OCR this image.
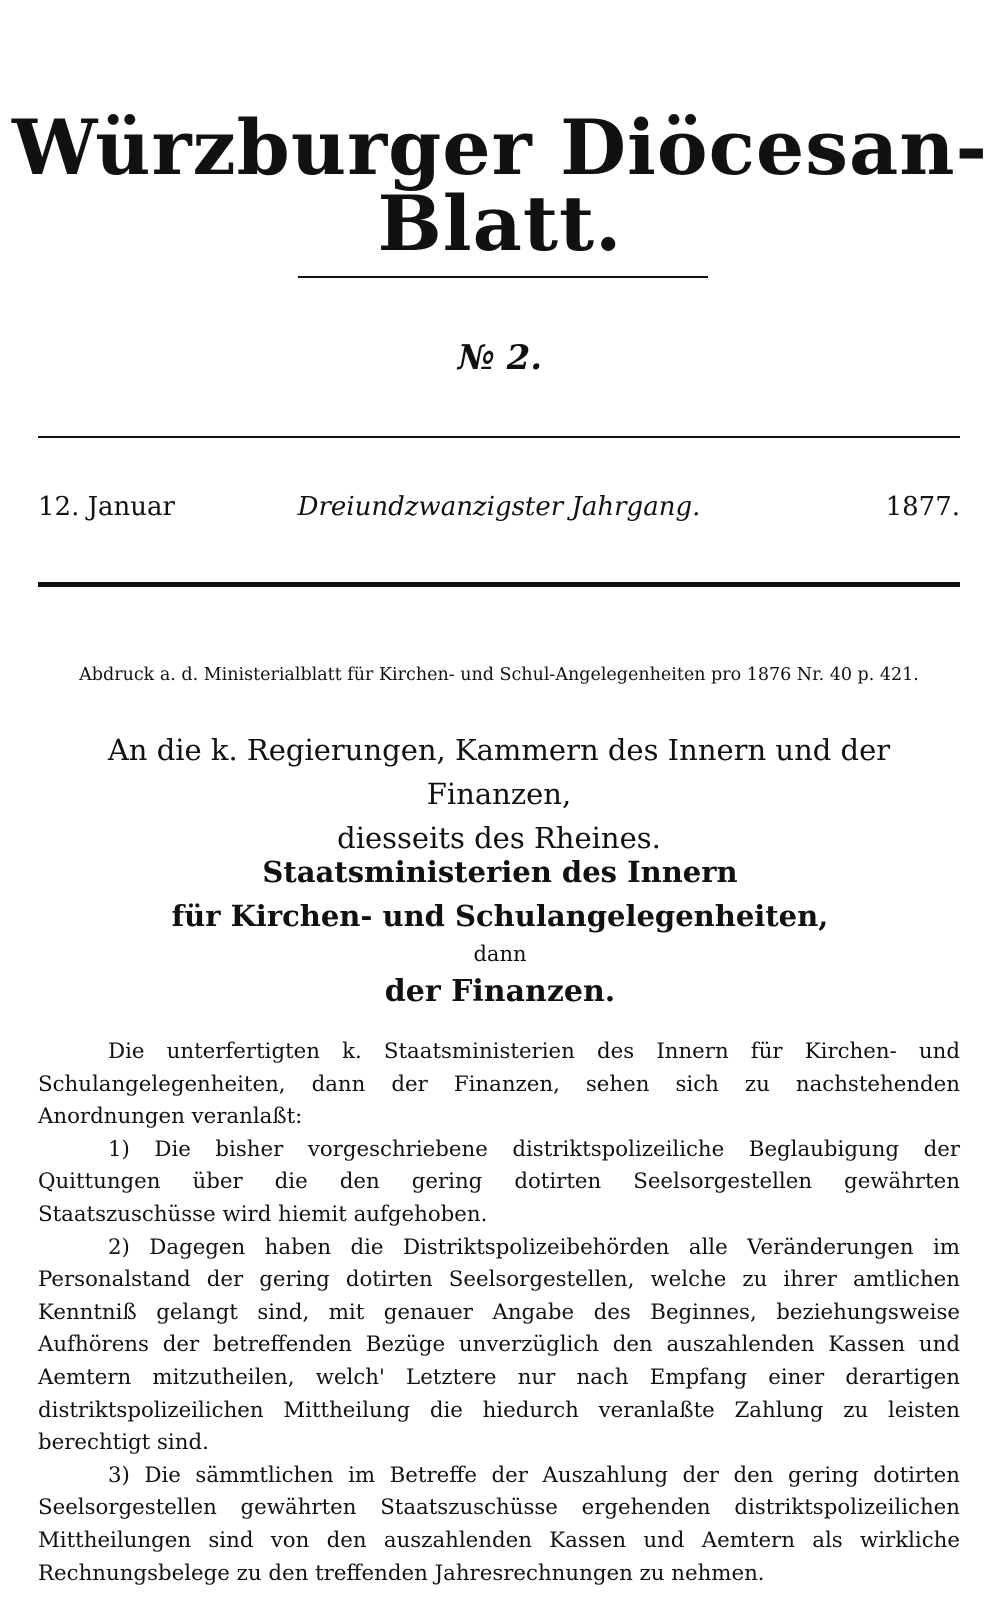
Würzburger Diöcesan-Blatt.
№ 2.
12. Januar	Dreiundzwanzigster Jahrgang.	1877.
Abdruck a. d. Ministerialblatt für Kirchen- und Schul-Angelegenheiten pro 1876 Nr. 40 p. 421.
An die k. Regierungen, Kammern des Innern und der Finanzen,
diesseits des Rheines.
Staatsministerien des Innern
für Kirchen- und Schulangelegenheiten,
dann
der Finanzen.

Die unterfertigten k. Staatsministerien des Innern für Kirchen- und Schulangelegenheiten, dann der Finanzen, sehen sich zu nachstehenden Anordnungen veranlaßt:

1) Die bisher vorgeschriebene distriktspolizeiliche Beglaubigung der Quittungen über die den gering dotirten Seelsorgestellen gewährten Staatszuschüsse wird hiemit aufgehoben.

2) Dagegen haben die Distriktspolizeibehörden alle Veränderungen im Personalstand der gering dotirten Seelsorgestellen, welche zu ihrer amtlichen Kenntniß gelangt sind, mit genauer Angabe des Beginnes, beziehungsweise Aufhörens der betreffenden Bezüge unverzüglich den auszahlenden Kassen und Aemtern mitzutheilen, welch' Letztere nur nach Empfang einer derartigen distriktspolizeilichen Mittheilung die hiedurch veranlaßte Zahlung zu leisten berechtigt sind.

3) Die sämmtlichen im Betreffe der Auszahlung der den gering dotirten Seelsorgestellen gewährten Staatszuschüsse ergehenden distriktspolizeilichen Mittheilungen sind von den auszahlenden Kassen und Aemtern als wirkliche Rechnungsbelege zu den treffenden Jahresrechnungen zu nehmen.
